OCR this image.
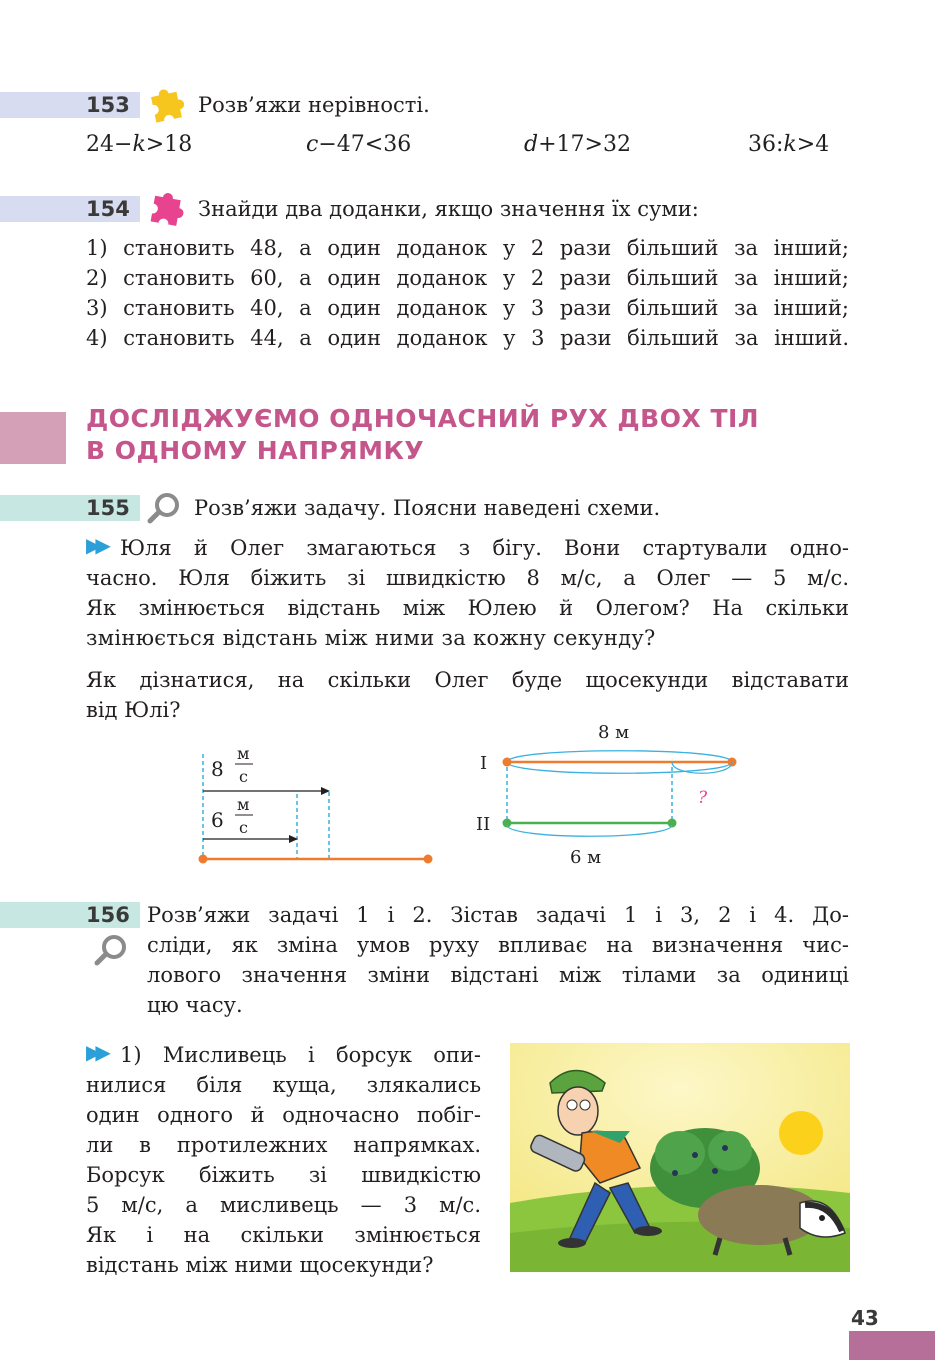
153	Розв’яжи нерівності.
24−k>18	c−47<36	d+17>32	36:k>4
154	Знайди два доданки, якщо значення їх суми:
1) становить 48, а один доданок у 2 рази більший за інший;
2) становить 60, а один доданок у 2 рази більший за інший;
3) становить 40, а один доданок у 3 рази більший за інший;
4) становить 44, а один доданок у 3 рази більший за інший.
ДОСЛІДЖУЄМО ОДНОЧАСНИЙ РУХ ДВОХ ТІЛ
В ОДНОМУ НАПРЯМКУ
155	Розв’яжи задачу. Поясни наведені схеми.
▶▶ Юля й Олег змагаються з бігу. Вони стартували одно-
часно. Юля біжить зі швидкістю 8 м/с, а Олег — 5 м/с.
Як змінюється відстань між Юлею й Олегом? На скільки
змінюється відстань між ними за кожну секунду?
Як дізнатися, на скільки Олег буде щосекунди відставати
від Юлі?
8
м
с
6
м
с
8 м
?
6 м
I
II
156 Розв’яжи задачі 1 і 2. Зістав задачі 1 і 3, 2 і 4. До-
сліди, як зміна умов руху впливає на визначення чис-
лового значення зміни відстані між тілами за одиниці
цю часу.
▶▶ 1) Мисливець і борсук опи-
нилися біля куща, злякались
один одного й одночасно побіг-
ли в протилежних напрямках.
Борсук біжить зі швидкістю
5 м/с, а мисливець — 3 м/с.
Як і на скільки змінюється
відстань між ними щосекунди?
43
